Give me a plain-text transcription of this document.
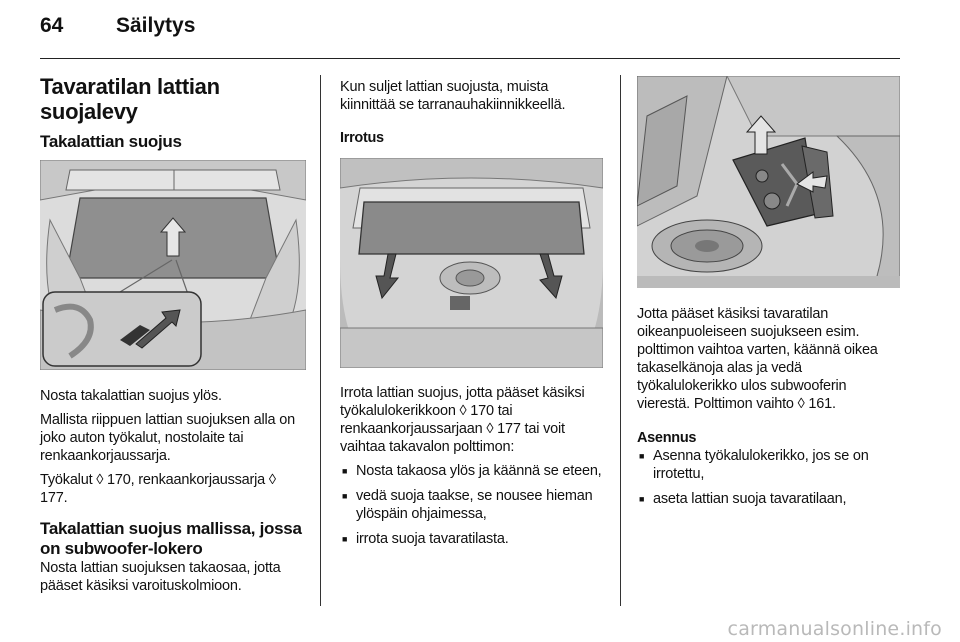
64	Säilytys
Tavaratilan lattian suojalevy
Takalattian suojus

Nosta takalattian suojus ylös.

Mallista riippuen lattian suojuksen alla on joko auton työkalut, nostolaite tai renkaankorjaussarja.

Työkalut ◊ 170, renkaankorjaussarja ◊ 177.

Takalattian suojus mallissa, jossa on subwoofer-lokero

Nosta lattian suojuksen takaosaa, jotta pääset käsiksi varoituskolmioon.

Kun suljet lattian suojusta, muista kiinnittää se tarranauhakiinnikkeellä.

Irrotus

Irrota lattian suojus, jotta pääset käsiksi työkalulokerikkoon ◊ 170 tai renkaankorjaussarjaan ◊ 177 tai voit vaihtaa takavalon polttimon:

■ Nosta takaosa ylös ja käännä se eteen,
■ vedä suoja taakse, se nousee hieman ylöspäin ohjaimessa,
■ irrota suoja tavaratilasta.

Jotta pääset käsiksi tavaratilan oikeanpuoleiseen suojukseen esim. polttimon vaihtoa varten, käännä oikea takaselkänoja alas ja vedä työkalulokerikko ulos subwooferin vierestä. Polttimon vaihto ◊ 161.

Asennus
■ Asenna työkalulokerikko, jos se on irrotettu,
■ aseta lattian suoja tavaratilaan,
carmanualsonline.info
